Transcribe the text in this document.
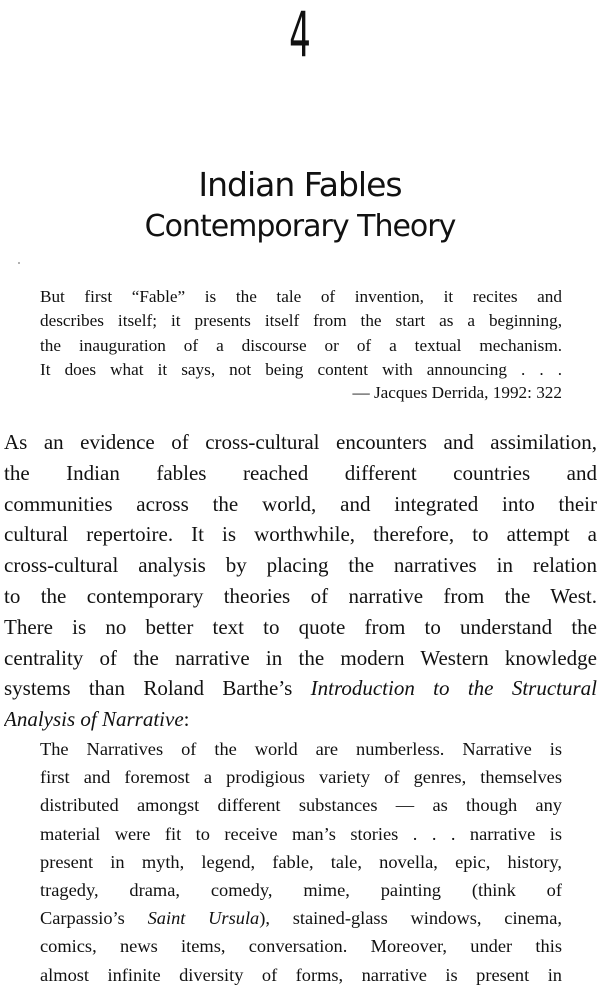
4
Indian Fables
Contemporary Theory
But first “Fable” is the tale of invention, it recites and
describes itself; it presents itself from the start as a beginning,
the inauguration of a discourse or of a textual mechanism.
It does what it says, not being content with announcing . . .
— Jacques Derrida, 1992: 322
As an evidence of cross-cultural encounters and assimilation,
the Indian fables reached different countries and
communities across the world, and integrated into their
cultural repertoire. It is worthwhile, therefore, to attempt a
cross-cultural analysis by placing the narratives in relation
to the contemporary theories of narrative from the West.
There is no better text to quote from to understand the
centrality of the narrative in the modern Western knowledge
systems than Roland Barthe’s Introduction to the Structural
Analysis of Narrative:
The Narratives of the world are numberless. Narrative is
first and foremost a prodigious variety of genres, themselves
distributed amongst different substances — as though any
material were fit to receive man’s stories . . . narrative is
present in myth, legend, fable, tale, novella, epic, history,
tragedy, drama, comedy, mime, painting (think of
Carpassio’s Saint Ursula), stained-glass windows, cinema,
comics, news items, conversation. Moreover, under this
almost infinite diversity of forms, narrative is present in
